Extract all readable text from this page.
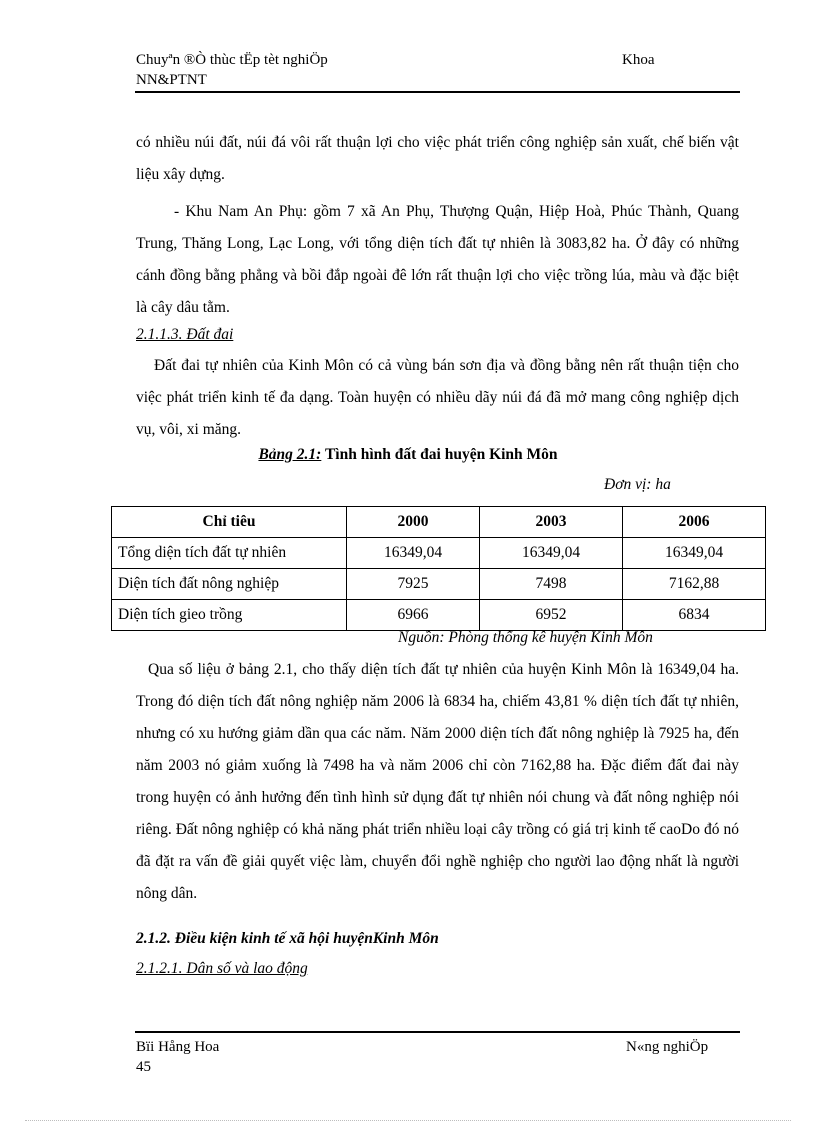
Chuyªn ®Ò thùc tËp tèt nghiÖp
NN&PTNT
Khoa
có nhiều núi đất, núi đá vôi rất thuận lợi cho việc phát triển công nghiệp sản xuất, chế biến vật liệu xây dựng.
- Khu Nam An Phụ: gồm 7 xã An Phụ, Thượng Quận, Hiệp Hoà, Phúc Thành, Quang Trung, Thăng Long, Lạc Long, với tổng diện tích đất tự nhiên là 3083,82 ha. Ở đây có những cánh đồng bằng phẳng và bồi đắp ngoài đê lớn rất thuận lợi cho việc trồng lúa, màu và đặc biệt là cây dâu tằm.
2.1.1.3. Đất đai
Đất đai tự nhiên của Kinh Môn có cả vùng bán sơn địa và đồng bằng nên rất thuận tiện cho việc phát triển kinh tế đa dạng. Toàn huyện có nhiều dãy núi đá đã mở mang công nghiệp dịch vụ, vôi, xi măng.
Bảng 2.1: Tình hình đất đai huyện Kinh Môn
Đơn vị: ha
Chỉ tiêu	2000	2003	2006
Tổng diện tích đất tự nhiên	16349,04	16349,04	16349,04
Diện tích đất nông nghiệp	7925	7498	7162,88
Diện tích gieo trồng	6966	6952	6834
Nguồn: Phòng thống kê huyện Kinh Môn
Qua số liệu ở bảng 2.1, cho thấy diện tích đất tự nhiên của huyện Kinh Môn là 16349,04 ha. Trong đó diện tích đất nông nghiệp năm 2006 là 6834 ha, chiếm 43,81 % diện tích đất tự nhiên, nhưng có xu hướng giảm dần qua các năm. Năm 2000 diện tích đất nông nghiệp là 7925 ha, đến năm 2003 nó giảm xuống là 7498 ha và năm 2006 chỉ còn 7162,88 ha. Đặc điểm đất đai này trong huyện có ảnh hưởng đến tình hình sử dụng đất tự nhiên nói chung và đất nông nghiệp nói riêng. Đất nông nghiệp có khả năng phát triển nhiều loại cây trồng có giá trị kinh tế caoDo đó nó đã đặt ra vấn đề giải quyết việc làm, chuyển đổi nghề nghiệp cho người lao động nhất là người nông dân.
2.1.2. Điều kiện kinh tế xã hội huyệnKinh Môn
2.1.2.1. Dân số và lao động
Bïi Hång Hoa
45
N«ng nghiÖp
